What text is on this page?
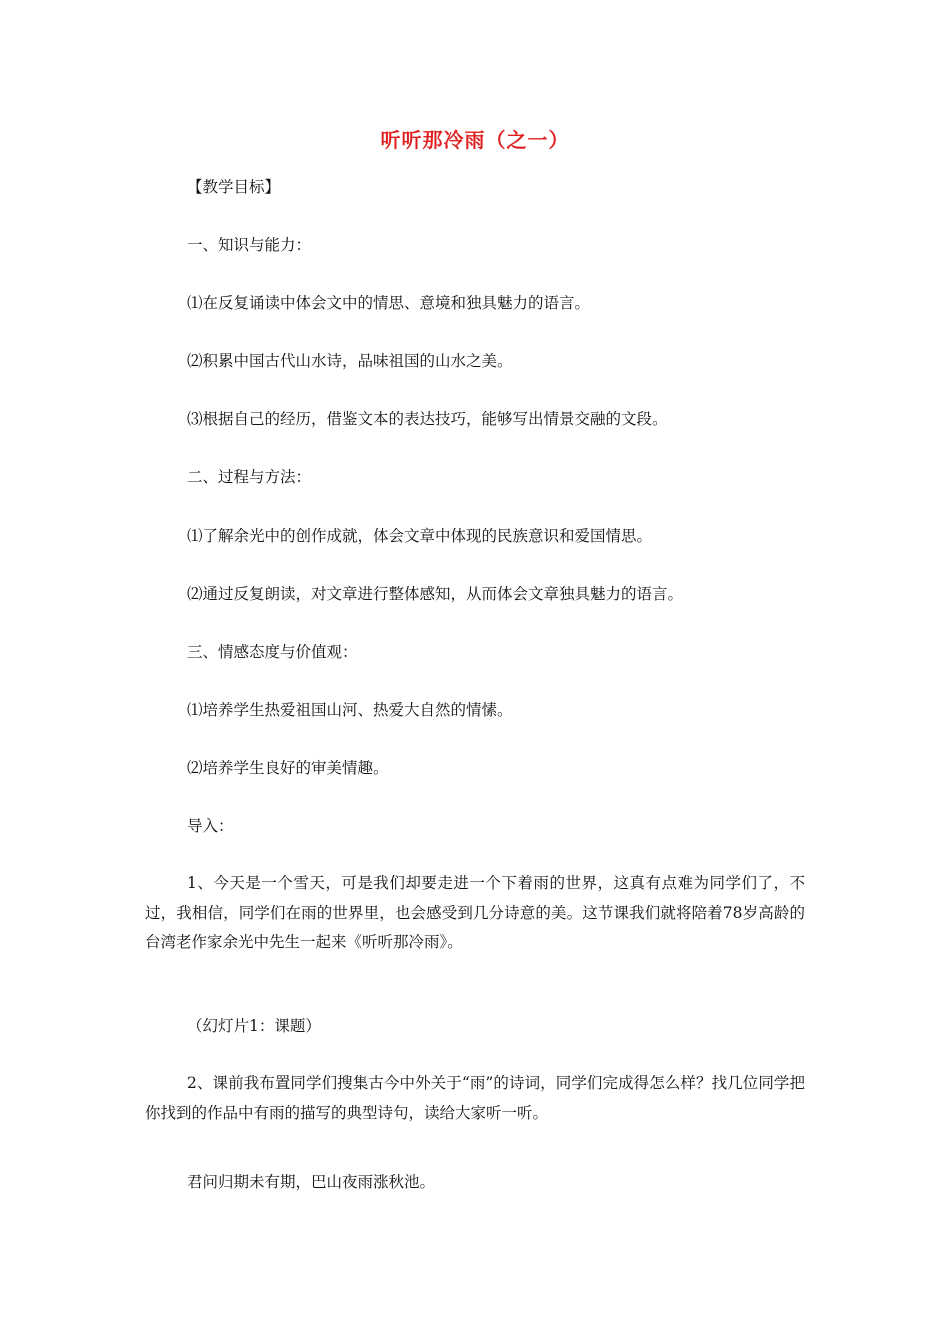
听听那冷雨（之一）
【教学目标】
一、知识与能力：
⑴在反复诵读中体会文中的情思、意境和独具魅力的语言。
⑵积累中国古代山水诗，品味祖国的山水之美。
⑶根据自己的经历，借鉴文本的表达技巧，能够写出情景交融的文段。
二、过程与方法：
⑴了解余光中的创作成就，体会文章中体现的民族意识和爱国情思。
⑵通过反复朗读，对文章进行整体感知，从而体会文章独具魅力的语言。
三、情感态度与价值观：
⑴培养学生热爱祖国山河、热爱大自然的情愫。
⑵培养学生良好的审美情趣。
导入：
1、今天是一个雪天，可是我们却要走进一个下着雨的世界，这真有点难为同学们了，不过，我相信，同学们在雨的世界里，也会感受到几分诗意的美。这节课我们就将陪着78岁高龄的台湾老作家余光中先生一起来《听听那冷雨》。
（幻灯片1：课题）
2、课前我布置同学们搜集古今中外关于“雨”的诗词，同学们完成得怎么样？找几位同学把你找到的作品中有雨的描写的典型诗句，读给大家听一听。
君问归期未有期，巴山夜雨涨秋池。
